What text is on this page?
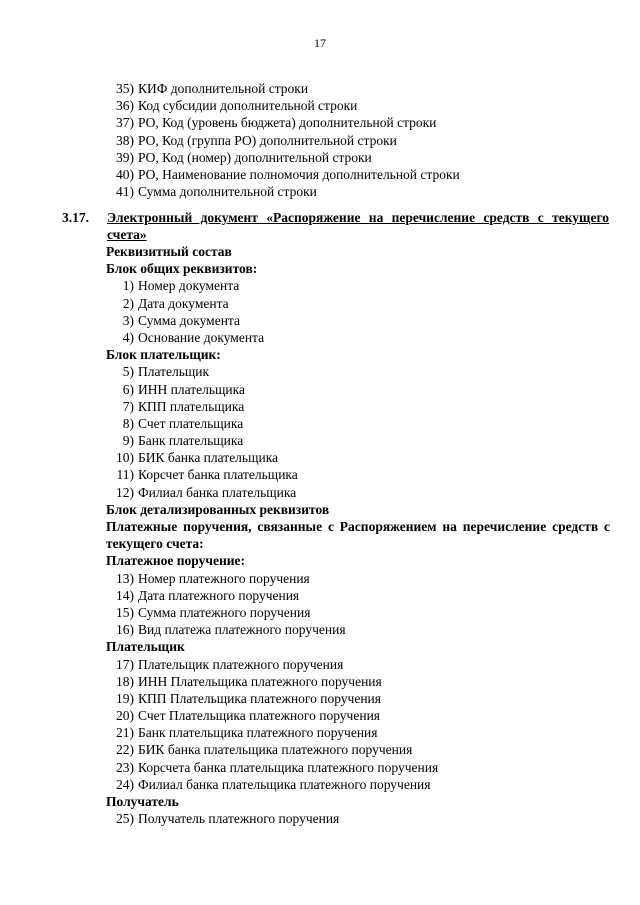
17
35) КИФ дополнительной строки
36) Код субсидии дополнительной строки
37) РО, Код (уровень бюджета) дополнительной строки
38) РО, Код (группа РО) дополнительной строки
39) РО, Код (номер) дополнительной строки
40) РО, Наименование полномочия дополнительной строки
41) Сумма дополнительной строки
3.17. Электронный документ «Распоряжение на перечисление средств с текущего счета»
Реквизитный состав
Блок общих реквизитов:
1) Номер документа
2) Дата документа
3) Сумма документа
4) Основание документа
Блок плательщик:
5) Плательщик
6) ИНН плательщика
7) КПП плательщика
8) Счет плательщика
9) Банк плательщика
10) БИК банка плательщика
11) Корсчет банка плательщика
12) Филиал банка плательщика
Блок детализированных реквизитов
Платежные поручения, связанные с Распоряжением на перечисление средств с текущего счета:
Платежное поручение:
13) Номер платежного поручения
14) Дата платежного поручения
15) Сумма платежного поручения
16) Вид платежа платежного поручения
Плательщик
17) Плательщик платежного поручения
18) ИНН Плательщика платежного поручения
19) КПП Плательщика платежного поручения
20) Счет Плательщика платежного поручения
21) Банк плательщика платежного поручения
22) БИК банка плательщика платежного поручения
23) Корсчета банка плательщика платежного поручения
24) Филиал банка плательщика платежного поручения
Получатель
25) Получатель платежного поручения
